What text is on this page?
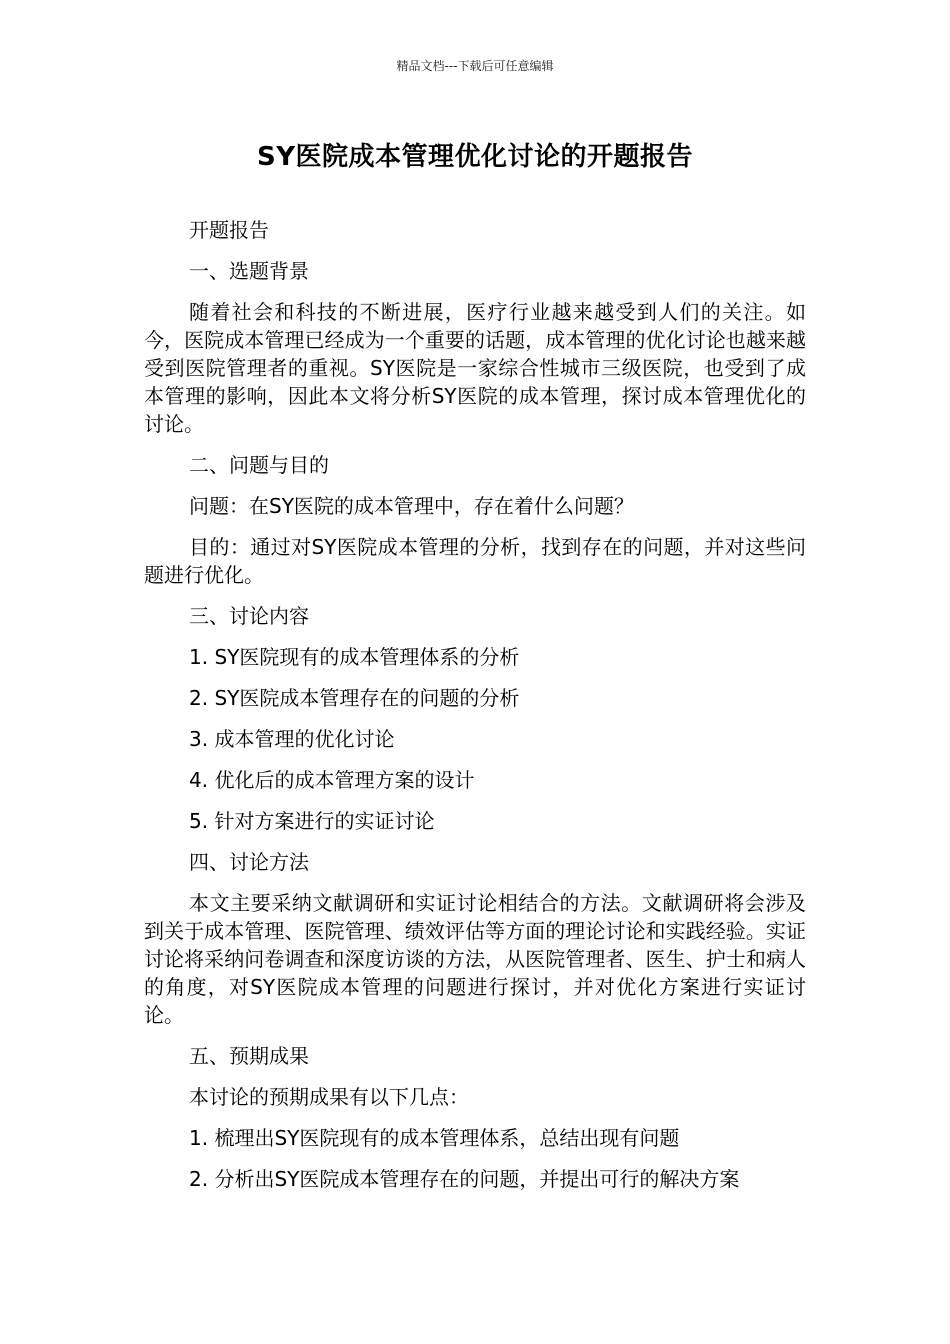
精品文档---下载后可任意编辑
SY医院成本管理优化讨论的开题报告

开题报告

一、选题背景

随着社会和科技的不断进展，医疗行业越来越受到人们的关注。如今，医院成本管理已经成为一个重要的话题，成本管理的优化讨论也越来越受到医院管理者的重视。SY医院是一家综合性城市三级医院，也受到了成本管理的影响，因此本文将分析SY医院的成本管理，探讨成本管理优化的讨论。

二、问题与目的

问题：在SY医院的成本管理中，存在着什么问题？

目的：通过对SY医院成本管理的分析，找到存在的问题，并对这些问题进行优化。

三、讨论内容

1. SY医院现有的成本管理体系的分析

2. SY医院成本管理存在的问题的分析

3. 成本管理的优化讨论

4. 优化后的成本管理方案的设计

5. 针对方案进行的实证讨论

四、讨论方法

本文主要采纳文献调研和实证讨论相结合的方法。文献调研将会涉及到关于成本管理、医院管理、绩效评估等方面的理论讨论和实践经验。实证讨论将采纳问卷调查和深度访谈的方法，从医院管理者、医生、护士和病人的角度，对SY医院成本管理的问题进行探讨，并对优化方案进行实证讨论。

五、预期成果

本讨论的预期成果有以下几点：

1. 梳理出SY医院现有的成本管理体系，总结出现有问题

2. 分析出SY医院成本管理存在的问题，并提出可行的解决方案
